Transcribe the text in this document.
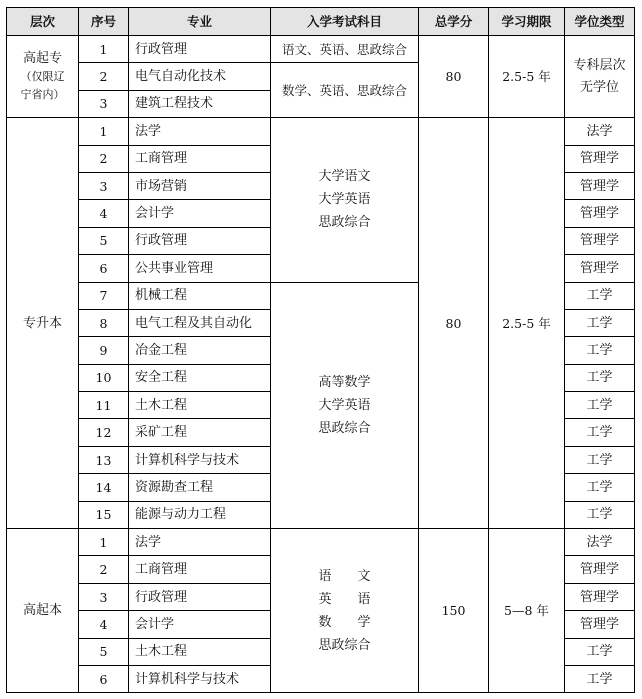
层次	序号	专业	入学考试科目	总学分	学习期限	学位类型

高起专
（仅限辽
宁省内）	1	行政管理	语文、英语、思政综合	80	2.5-5 年	专科层次
无学位

	2	电气自动化技术	数学、英语、思政综合			
	3	建筑工程技术				
专升本	1	法学	大学语文
大学英语
思政综合	80	2.5-5 年	法学
	2	工商管理				管理学
	3	市场营销				管理学
	4	会计学				管理学
	5	行政管理				管理学
	6	公共事业管理				管理学
	7	机械工程	高等数学
大学英语
思政综合			工学
	8	电气工程及其自动化				工学
	9	冶金工程				工学
	10	安全工程				工学
	11	土木工程				工学
	12	采矿工程				工学
	13	计算机科学与技术				工学
	14	资源勘查工程				工学
	15	能源与动力工程				工学
高起本	1	法学	语　　文
英　　语
数　　学
思政综合	150	5—8 年	法学
	2	工商管理				管理学
	3	行政管理				管理学
	4	会计学				管理学
	5	土木工程				工学
	6	计算机科学与技术				工学
